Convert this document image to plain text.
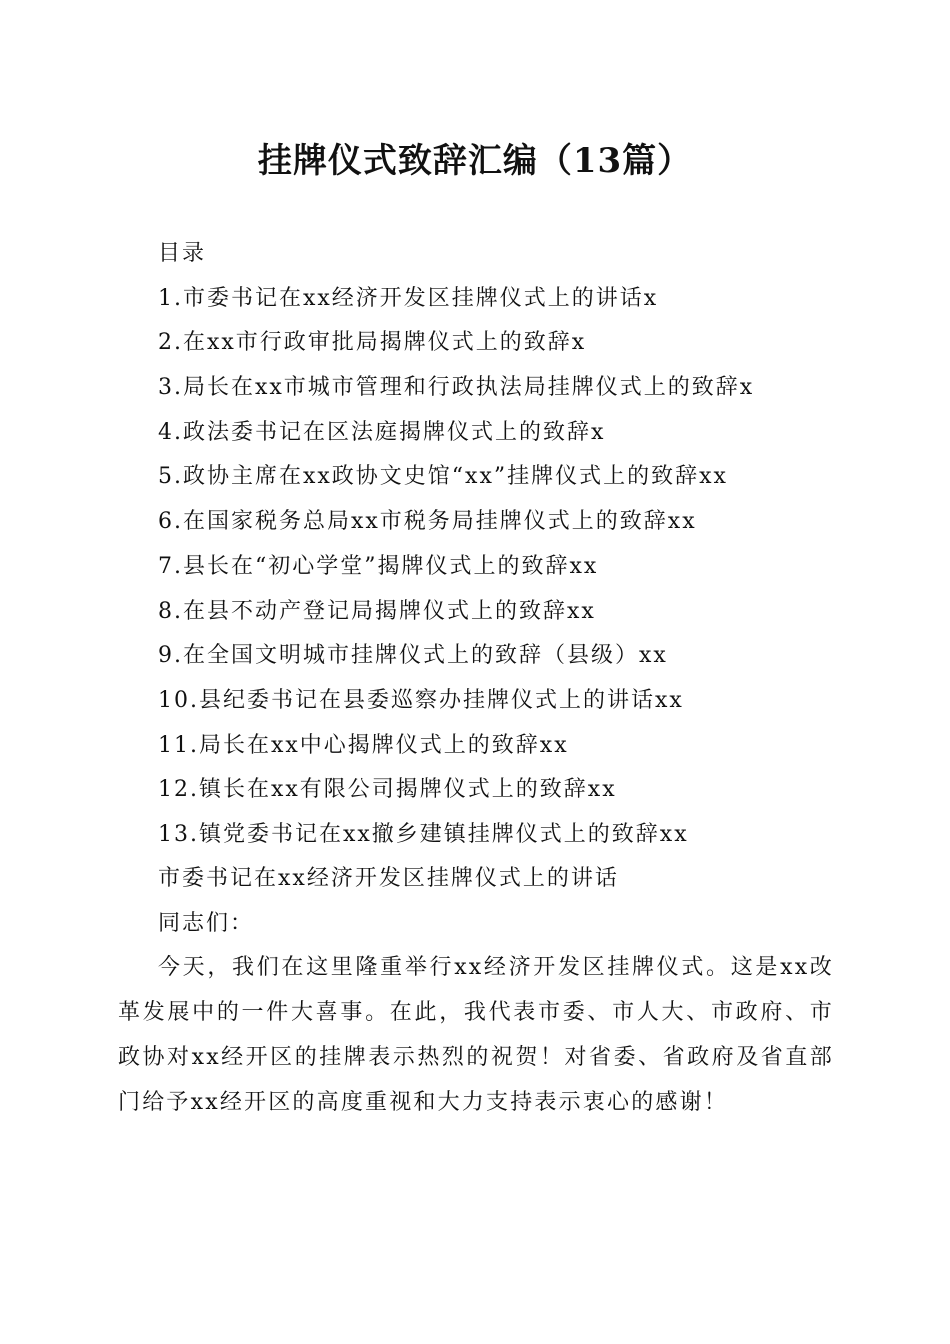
挂牌仪式致辞汇编（13篇）
目录
1.市委书记在xx经济开发区挂牌仪式上的讲话x
2.在xx市行政审批局揭牌仪式上的致辞x
3.局长在xx市城市管理和行政执法局挂牌仪式上的致辞x
4.政法委书记在区法庭揭牌仪式上的致辞x
5.政协主席在xx政协文史馆“xx”挂牌仪式上的致辞xx
6.在国家税务总局xx市税务局挂牌仪式上的致辞xx
7.县长在“初心学堂”揭牌仪式上的致辞xx
8.在县不动产登记局揭牌仪式上的致辞xx
9.在全国文明城市挂牌仪式上的致辞（县级）xx
10.县纪委书记在县委巡察办挂牌仪式上的讲话xx
11.局长在xx中心揭牌仪式上的致辞xx
12.镇长在xx有限公司揭牌仪式上的致辞xx
13.镇党委书记在xx撤乡建镇挂牌仪式上的致辞xx
市委书记在xx经济开发区挂牌仪式上的讲话
同志们：

今天，我们在这里隆重举行xx经济开发区挂牌仪式。这是xx改革发展中的一件大喜事。在此，我代表市委、市人大、市政府、市政协对xx经开区的挂牌表示热烈的祝贺！对省委、省政府及省直部门给予xx经开区的高度重视和大力支持表示衷心的感谢！
